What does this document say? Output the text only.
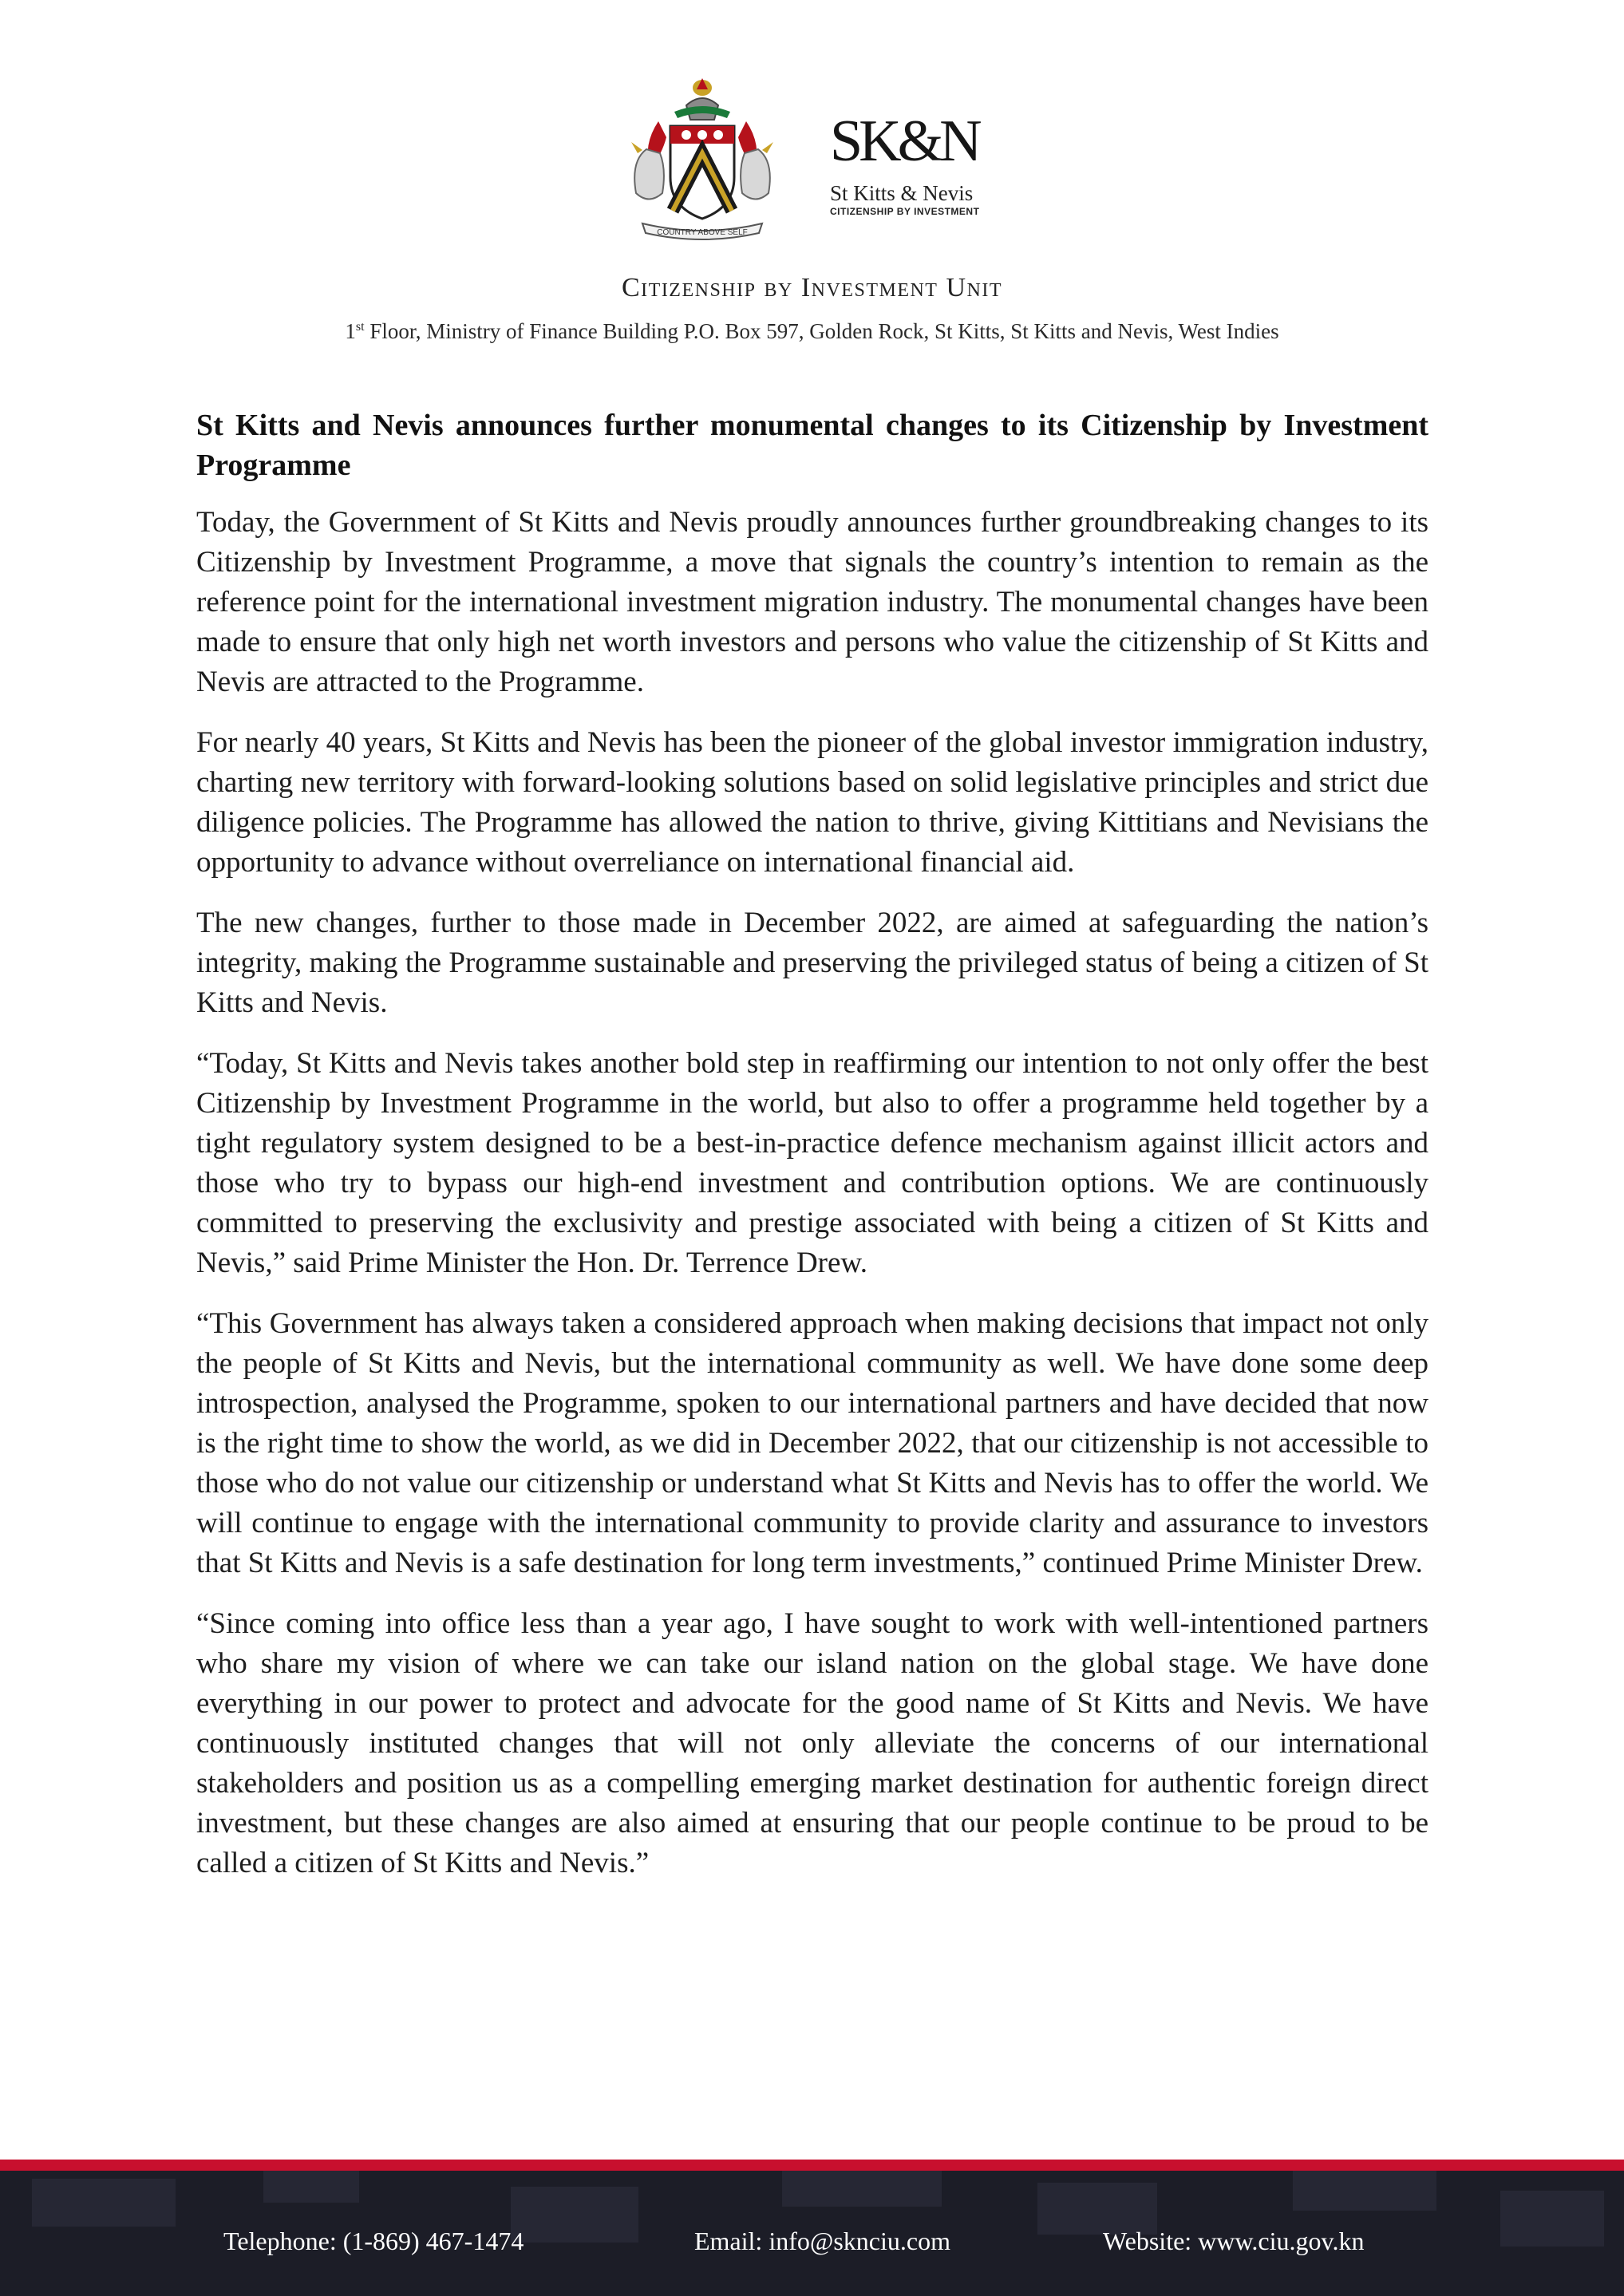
COUNTRY ABOVE SELF
SK&N
St Kitts & Nevis
CITIZENSHIP BY INVESTMENT
Citizenship by Investment Unit
1st Floor, Ministry of Finance Building P.O. Box 597, Golden Rock, St Kitts, St Kitts and Nevis, West Indies
St Kitts and Nevis announces further monumental changes to its Citizenship by Investment Programme

Today, the Government of St Kitts and Nevis proudly announces further groundbreaking changes to its Citizenship by Investment Programme, a move that signals the country’s intention to remain as the reference point for the international investment migration industry. The monumental changes have been made to ensure that only high net worth investors and persons who value the citizenship of St Kitts and Nevis are attracted to the Programme.

For nearly 40 years, St Kitts and Nevis has been the pioneer of the global investor immigration industry, charting new territory with forward-looking solutions based on solid legislative principles and strict due diligence policies. The Programme has allowed the nation to thrive, giving Kittitians and Nevisians the opportunity to advance without overreliance on international financial aid.

The new changes, further to those made in December 2022, are aimed at safeguarding the nation’s integrity, making the Programme sustainable and preserving the privileged status of being a citizen of St Kitts and Nevis.

“Today, St Kitts and Nevis takes another bold step in reaffirming our intention to not only offer the best Citizenship by Investment Programme in the world, but also to offer a programme held together by a tight regulatory system designed to be a best-in-practice defence mechanism against illicit actors and those who try to bypass our high-end investment and contribution options. We are continuously committed to preserving the exclusivity and prestige associated with being a citizen of St Kitts and Nevis,” said Prime Minister the Hon. Dr. Terrence Drew.

“This Government has always taken a considered approach when making decisions that impact not only the people of St Kitts and Nevis, but the international community as well. We have done some deep introspection, analysed the Programme, spoken to our international partners and have decided that now is the right time to show the world, as we did in December 2022, that our citizenship is not accessible to those who do not value our citizenship or understand what St Kitts and Nevis has to offer the world. We will continue to engage with the international community to provide clarity and assurance to investors that St Kitts and Nevis is a safe destination for long term investments,” continued Prime Minister Drew.

“Since coming into office less than a year ago, I have sought to work with well-intentioned partners who share my vision of where we can take our island nation on the global stage. We have done everything in our power to protect and advocate for the good name of St Kitts and Nevis. We have continuously instituted changes that will not only alleviate the concerns of our international stakeholders and position us as a compelling emerging market destination for authentic foreign direct investment, but these changes are also aimed at ensuring that our people continue to be proud to be called a citizen of St Kitts and Nevis.”

Telephone: (1-869) 467-1474	Email: info@sknciu.com	Website: www.ciu.gov.kn
